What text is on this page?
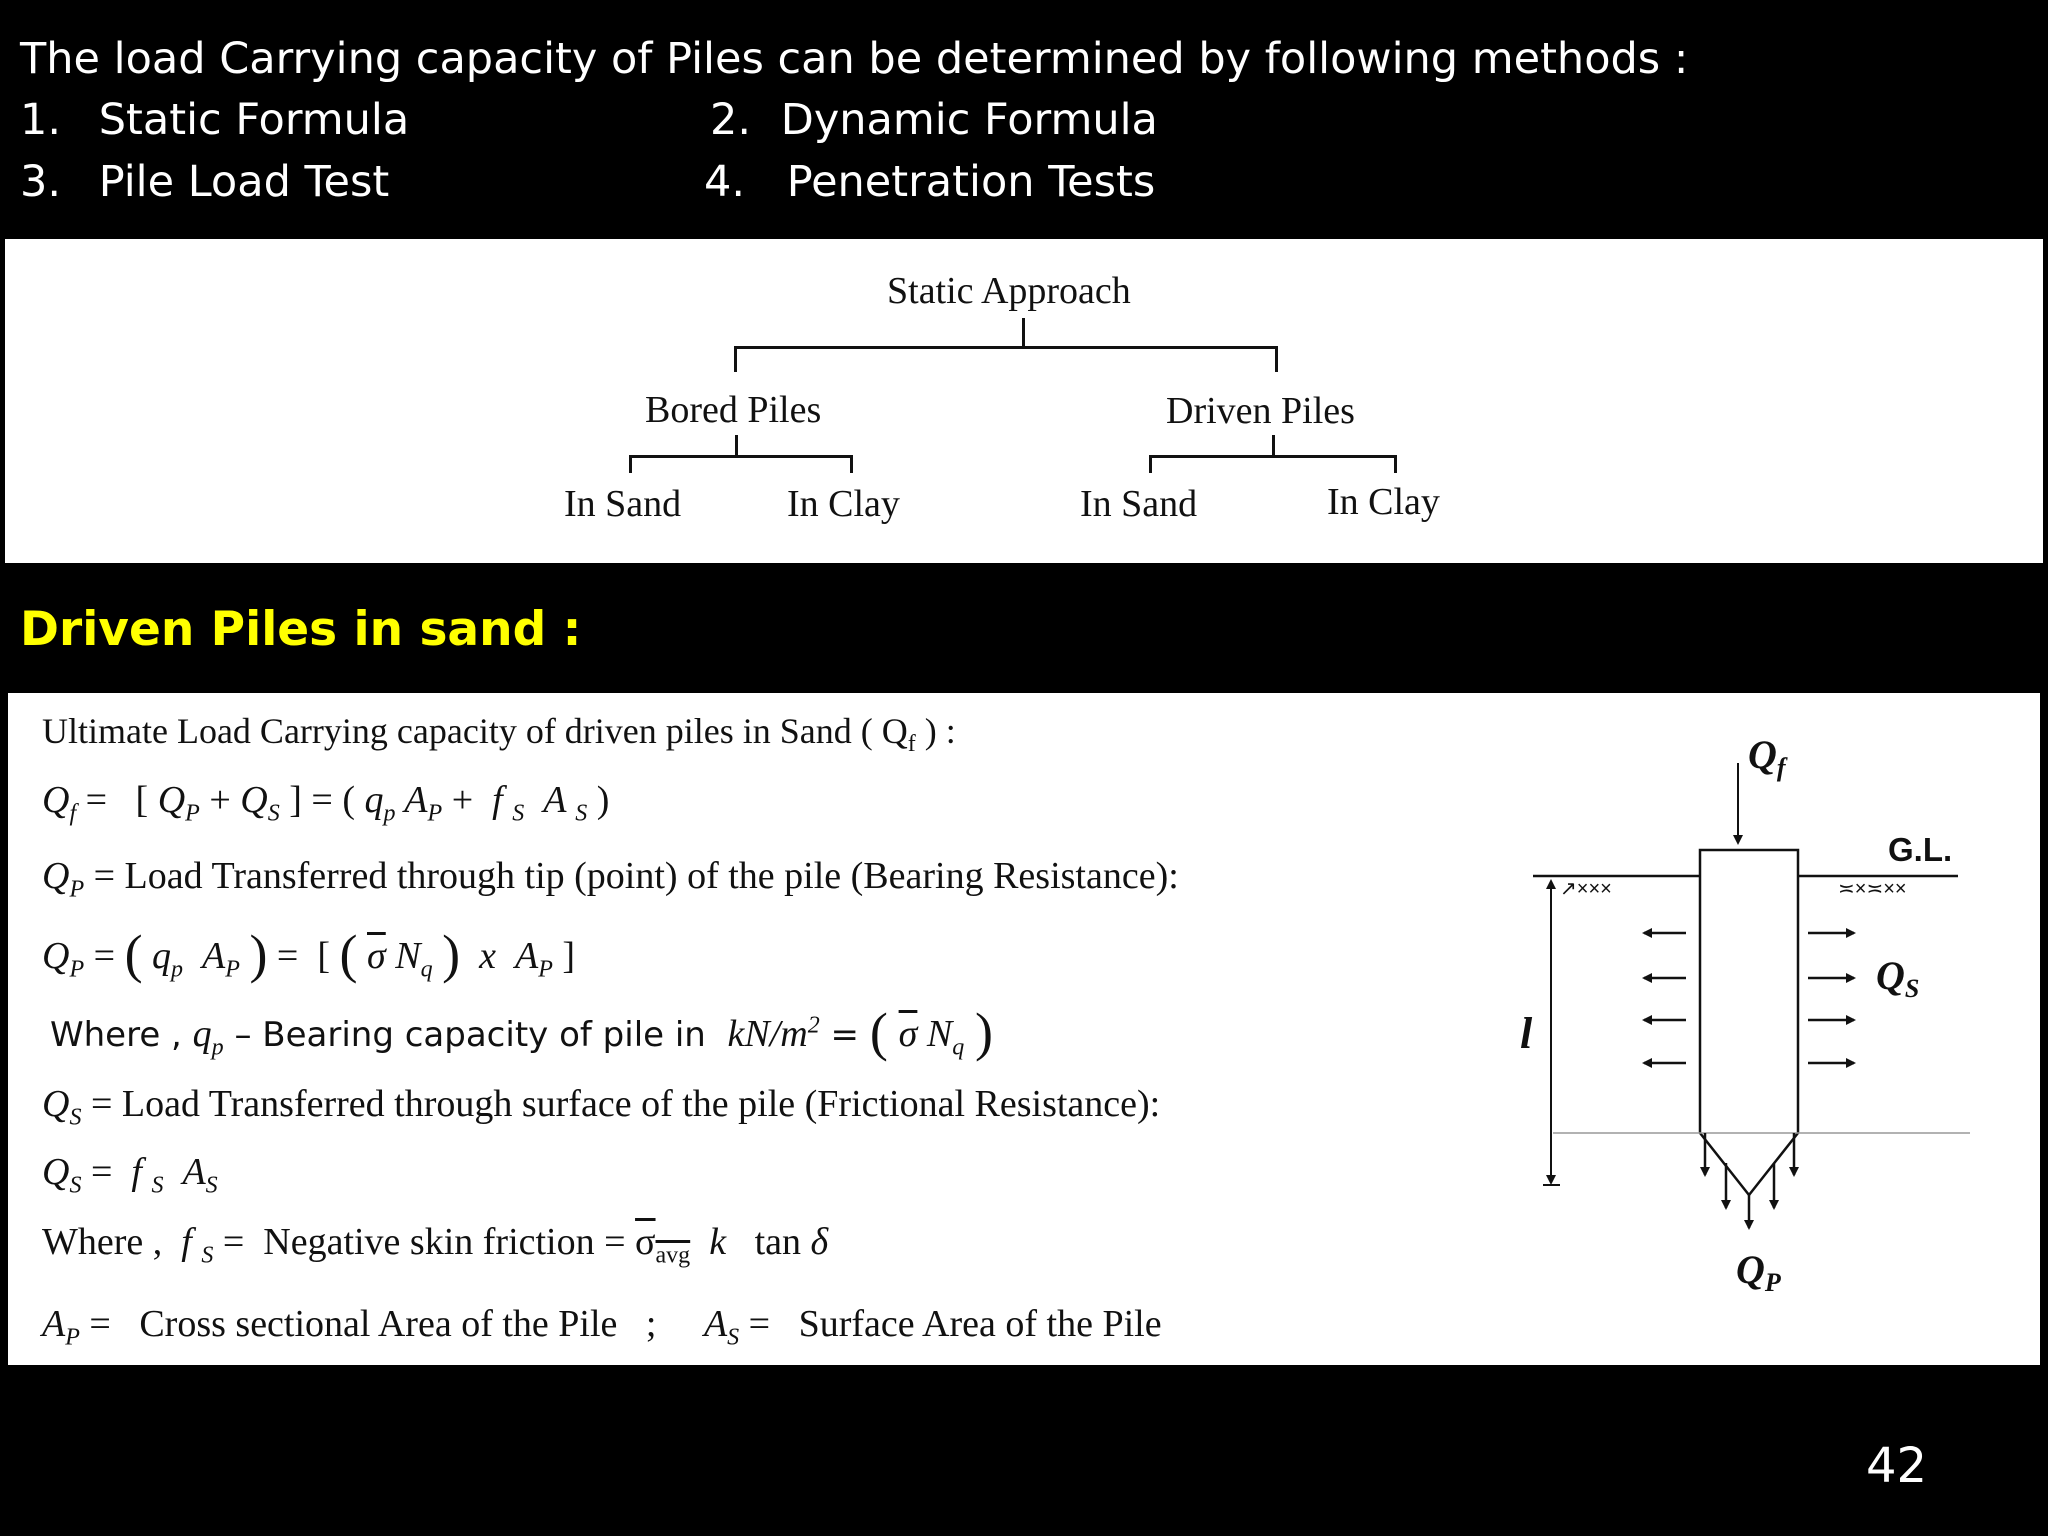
The load Carrying capacity of Piles can be determined by following methods :
1. Static Formula	2. Dynamic Formula
3. Pile Load Test	4. Penetration Tests
Static Approach
Bored Piles	Driven Piles
In Sand	In Clay	In Sand	In Clay
Driven Piles in sand :
Ultimate Load Carrying capacity of driven piles in Sand ( $Q_f$ ) :
$Q_f$ =   [ $Q_P + Q_S$ ] = ( $q_p$ $A_P + f$ $_S$ A $_S$ )
$Q_P$ = Load Transferred through tip (point) of the pile (Bearing Resistance):
$Q_P$ = ( $q_p$ $A_P$ ) =  [ ( $\overline{\sigma}$ $N_q$ ) x $A_P$ ]
Where , $q_p$ – Bearing capacity of pile in $kN/m^2$ = ( $\overline{\sigma}$ $N_q$ )
$Q_S$ = Load Transferred through surface of the pile (Frictional Resistance):
$Q_S = f$ $_S$ $A_S$
Where ,  f $_S$ =  Negative skin friction = $\sigma_{avg}$ k   tan δ
$A_P$ =   Cross sectional Area of the Pile   ;     $A_S$ =   Surface Area of the Pile
$Q_f$
↗×××	≍×≍××
G.L.
l
$Q_S$
$Q_P$
42
